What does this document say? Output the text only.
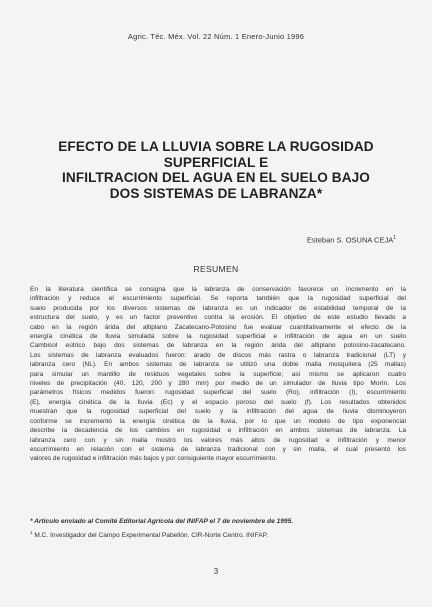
Agric. Téc. Méx. Vol. 22 Núm. 1 Enero-Junio 1996
EFECTO DE LA LLUVIA SOBRE LA RUGOSIDAD
SUPERFICIAL E
INFILTRACION DEL AGUA EN EL SUELO BAJO
DOS SISTEMAS DE LABRANZA*
Esteban S. OSUNA CEJA$^1$
RESUMEN
En la literatura científica se consigna que la labranza de conservación favorece un incremento en la
infiltración y reduce el escurrimiento superficial. Se reporta también que la rugosidad superficial del
suelo producida por los diversos sistemas de labranza es un indicador de estabilidad temporal de la
estructura del suelo, y es un factor preventivo contra la erosión. El objetivo de este estudio llevado a
cabo en la región árida del altiplano Zacatecano-Potosino fue evaluar cuantitativamente el efecto de la
energía cinética de lluvia simulada sobre la rugosidad superficial e infiltración de agua en un suelo
Cambisol eútrico bajo dos sistemas de labranza en la región árida del altiplano potosino-zacatecano.
Los sistemas de labranza evaluados fueron: arado de discos más rastra o labranza tradicional (LT) y
labranza cero (NL). En ambos sistemas de labranza se utilizó una doble malla mosquitera (25 mallas)
para simular un mantillo de residuos vegetales sobre la superficie; así mismo se aplicaron cuatro
niveles de precipitación (40, 120, 200 y 280 mm) por medio de un simulador de lluvia tipo Morín. Los
parámetros físicos medidos fueron: rugosidad superficial del suelo (Ro), infiltración (I), escurrimiento
(E), energía cinética de la lluvia (Ec) y el espacio poroso del suelo (f). Los resultados obtenidos
muestran que la rugosidad superficial del suelo y la infiltración del agua de lluvia disminuyeron
conforme se incrementó la energía cinética de la lluvia, por lo que un modelo de tipo exponencial
describe la decadencia de los cambios en rugosidad e infiltración en ambos sistemas de labranza. La
labranza cero con y sin malla mostró los valores más altos de rugosidad e infiltración y menor
escurrimiento en relación con el sistema de labranza tradicional con y sin malla, el cual presentó los
valores de rugosidad e infiltración más bajos y por consiguiente mayor escurrimiento.
* Artículo enviado al Comité Editorial Agrícola del INIFAP el 7 de noviembre de 1995.
$^1$ M.C. Investigador del Campo Experimental Pabellón. CIR-Norte Centro. INIFAP.
3
